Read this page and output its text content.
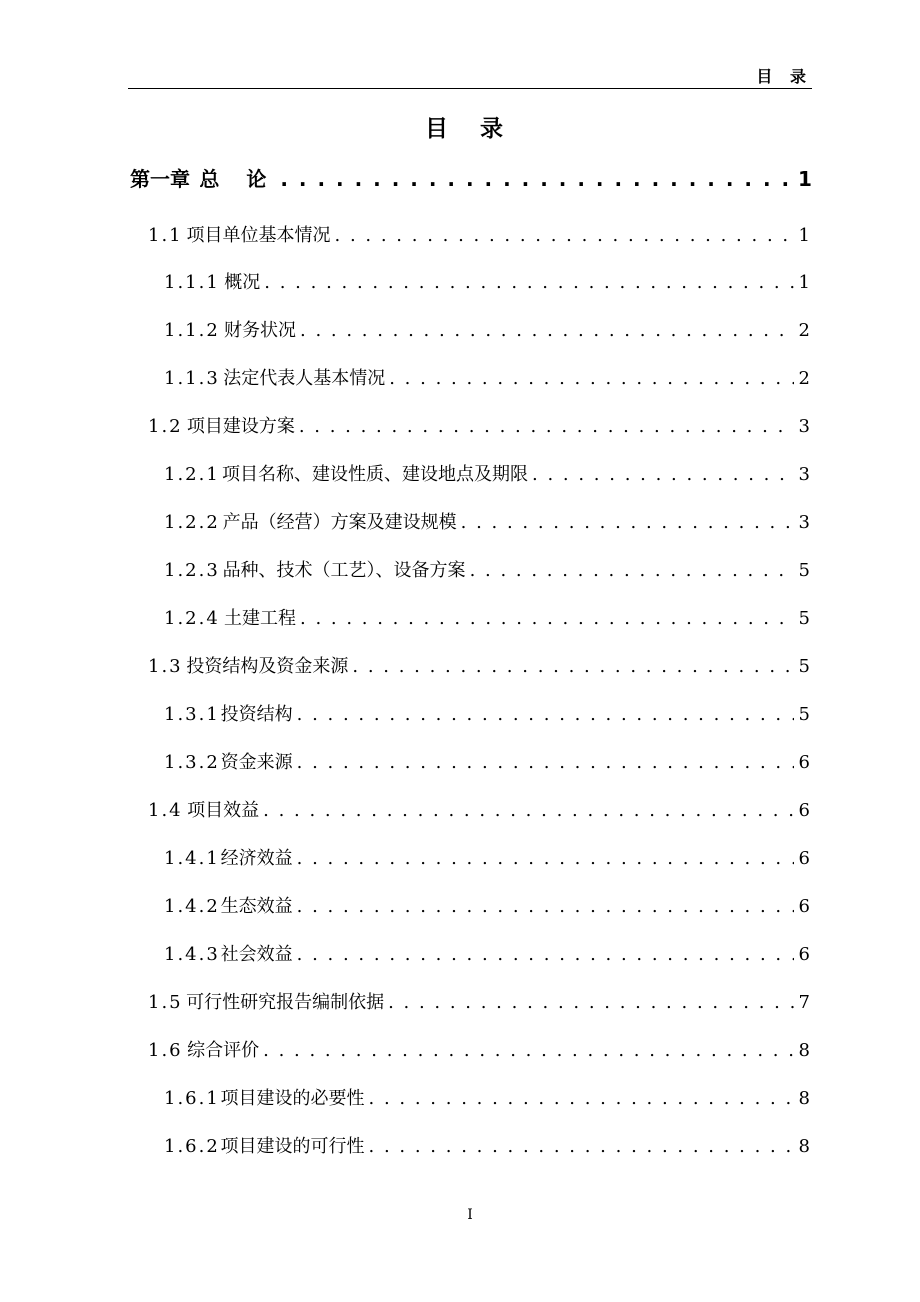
目 录
目 录
第一章 总 论 . . .	1
1.1 项目单位基本情况 . . .	1
1.1.1 概况 . . .	1
1.1.2 财务状况 . . .	2
1.1.3 法定代表人基本情况 . . .	2
1.2 项目建设方案 . . .	3
1.2.1 项目名称、建设性质、建设地点及期限 . . .	3
1.2.2 产品（经营）方案及建设规模 . . .	3
1.2.3 品种、技术（工艺）、设备方案 . . .	5
1.2.4 土建工程 . . .	5
1.3 投资结构及资金来源 . . .	5
1.3.1 投资结构 . . .	5
1.3.2 资金来源 . . .	6
1.4 项目效益 . . .	6
1.4.1 经济效益 . . .	6
1.4.2 生态效益 . . .	6
1.4.3 社会效益 . . .	6
1.5 可行性研究报告编制依据 . . .	7
1.6 综合评价 . . .	8
1.6.1 项目建设的必要性 . . .	8
1.6.2 项目建设的可行性 . . .	8
I
